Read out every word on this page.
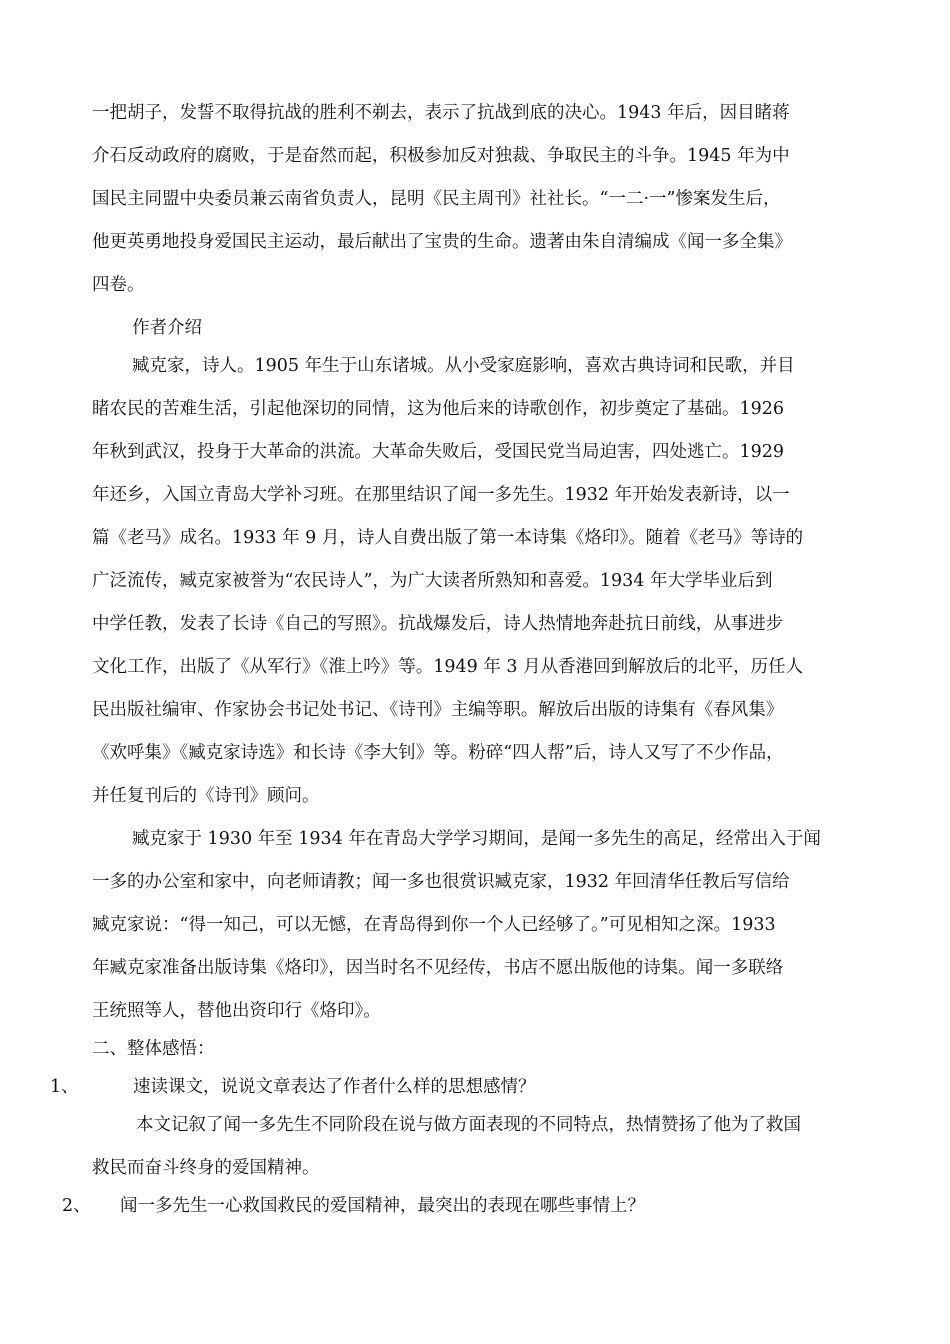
一把胡子，发誓不取得抗战的胜利不剃去，表示了抗战到底的决心。1943 年后，因目睹蒋
介石反动政府的腐败，于是奋然而起，积极参加反对独裁、争取民主的斗争。1945 年为中
国民主同盟中央委员兼云南省负责人，昆明《民主周刊》社社长。“一二·一”惨案发生后，
他更英勇地投身爱国民主运动，最后献出了宝贵的生命。遗著由朱自清编成《闻一多全集》
四卷。
作者介绍
臧克家，诗人。1905 年生于山东诸城。从小受家庭影响，喜欢古典诗词和民歌，并目
睹农民的苦难生活，引起他深切的同情，这为他后来的诗歌创作，初步奠定了基础。1926
年秋到武汉，投身于大革命的洪流。大革命失败后，受国民党当局迫害，四处逃亡。1929
年还乡，入国立青岛大学补习班。在那里结识了闻一多先生。1932 年开始发表新诗，以一
篇《老马》成名。1933 年 9 月，诗人自费出版了第一本诗集《烙印》。随着《老马》等诗的
广泛流传，臧克家被誉为“农民诗人”，为广大读者所熟知和喜爱。1934 年大学毕业后到
中学任教，发表了长诗《自己的写照》。抗战爆发后，诗人热情地奔赴抗日前线，从事进步
文化工作，出版了《从军行》《淮上吟》等。1949 年 3 月从香港回到解放后的北平，历任人
民出版社编审、作家协会书记处书记、《诗刊》主编等职。解放后出版的诗集有《春风集》
《欢呼集》《臧克家诗选》和长诗《李大钊》等。粉碎“四人帮”后，诗人又写了不少作品，
并任复刊后的《诗刊》顾问。
臧克家于 1930 年至 1934 年在青岛大学学习期间，是闻一多先生的高足，经常出入于闻
一多的办公室和家中，向老师请教；闻一多也很赏识臧克家，1932 年回清华任教后写信给
臧克家说：“得一知己，可以无憾，在青岛得到你一个人已经够了。”可见相知之深。1933
年臧克家准备出版诗集《烙印》，因当时名不见经传，书店不愿出版他的诗集。闻一多联络
王统照等人，替他出资印行《烙印》。
二、整体感悟：
1、	速读课文，说说文章表达了作者什么样的思想感情？
本文记叙了闻一多先生不同阶段在说与做方面表现的不同特点，热情赞扬了他为了救国
救民而奋斗终身的爱国精神。
2、 闻一多先生一心救国救民的爱国精神，最突出的表现在哪些事情上？
